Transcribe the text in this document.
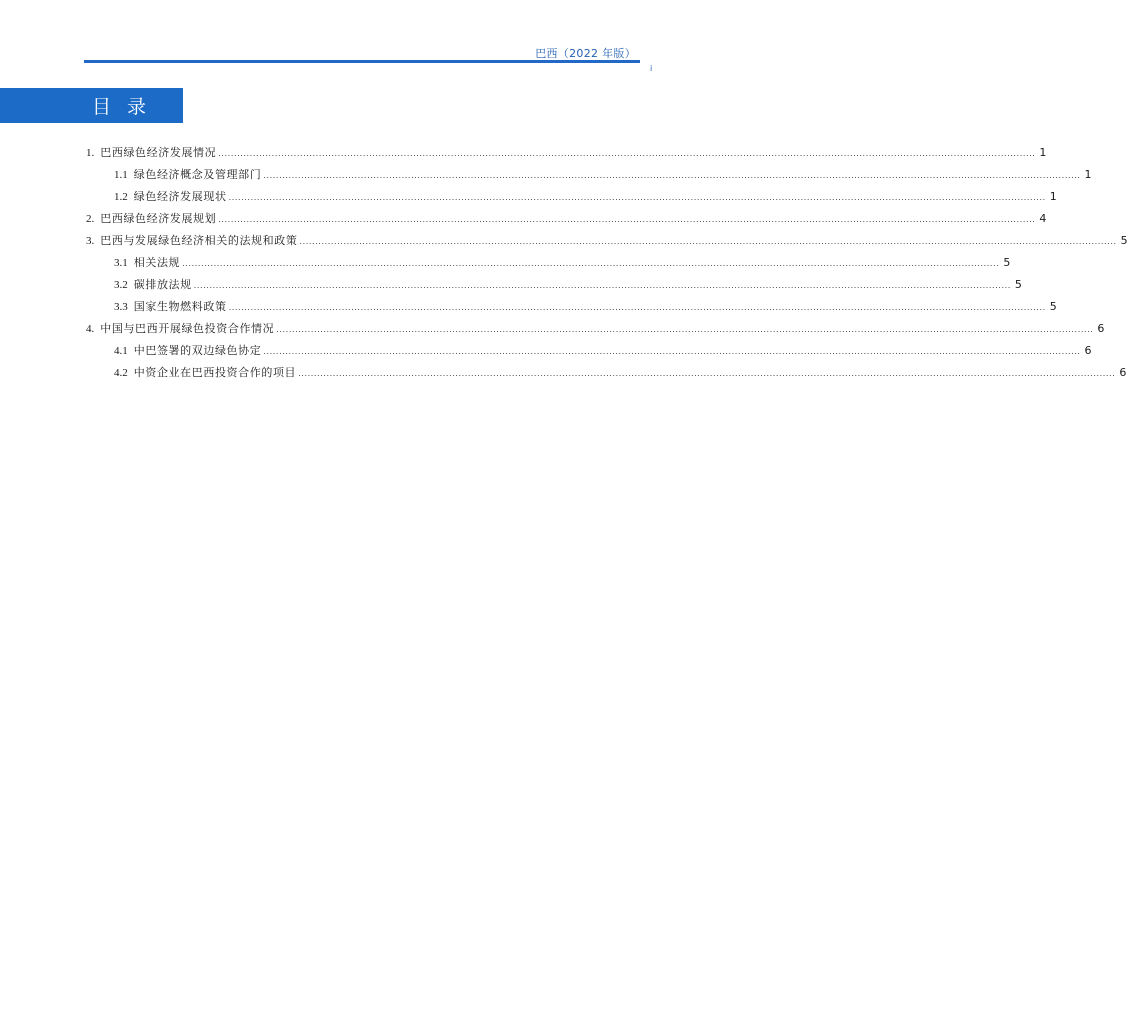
巴西（2022 年版）
i
目录
1. 巴西绿色经济发展情况 .................................................................................................................................................................................................................................................................... 1
1.1 绿色经济概念及管理部门 .................................................................................................................................................................................................................................................................... 1
1.2 绿色经济发展现状 .................................................................................................................................................................................................................................................................... 1
2. 巴西绿色经济发展规划 .................................................................................................................................................................................................................................................................... 4
3. 巴西与发展绿色经济相关的法规和政策 .................................................................................................................................................................................................................................................................... 5
3.1 相关法规 .................................................................................................................................................................................................................................................................... 5
3.2 碳排放法规 .................................................................................................................................................................................................................................................................... 5
3.3 国家生物燃料政策 .................................................................................................................................................................................................................................................................... 5
4. 中国与巴西开展绿色投资合作情况 .................................................................................................................................................................................................................................................................... 6
4.1 中巴签署的双边绿色协定 .................................................................................................................................................................................................................................................................... 6
4.2 中资企业在巴西投资合作的项目 .................................................................................................................................................................................................................................................................... 6
